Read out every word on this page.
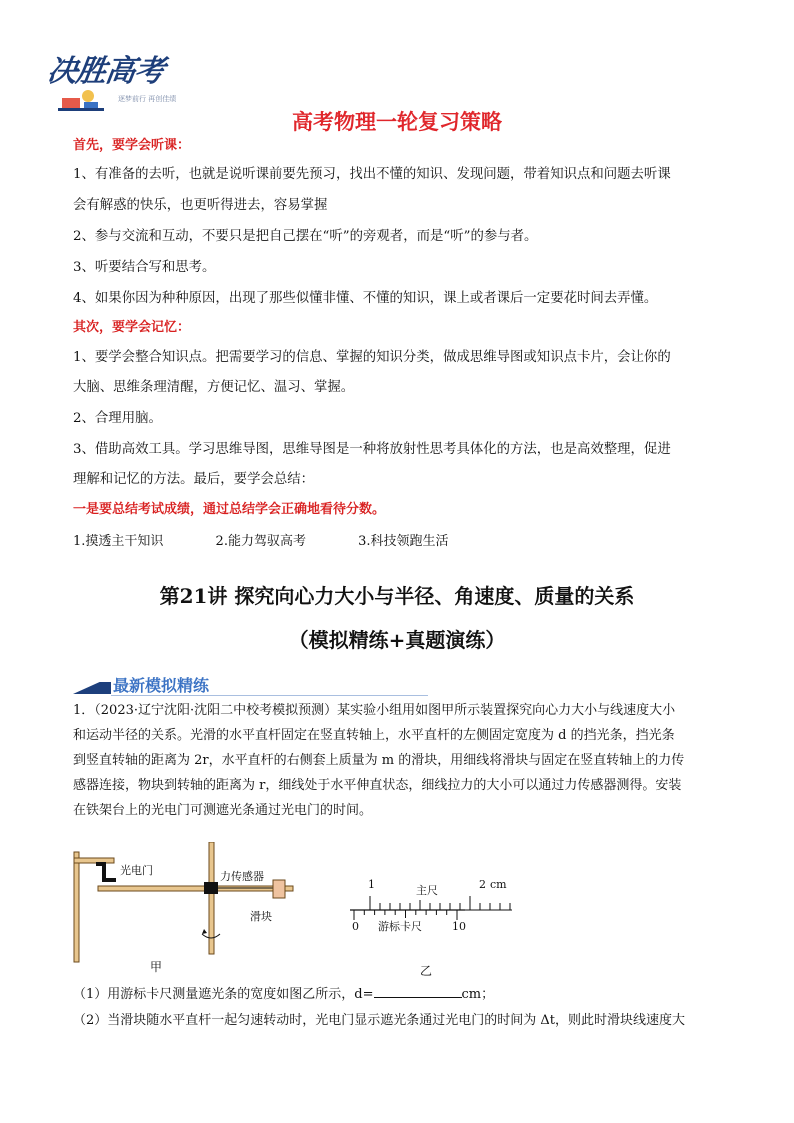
决胜高考
逐梦前行 再创佳绩
高考物理一轮复习策略
首先，要学会听课：
1、有准备的去听，也就是说听课前要先预习，找出不懂的知识、发现问题，带着知识点和问题去听课
会有解惑的快乐，也更听得进去，容易掌握
2、参与交流和互动，不要只是把自己摆在“听”的旁观者，而是“听”的参与者。
3、听要结合写和思考。
4、如果你因为种种原因，出现了那些似懂非懂、不懂的知识，课上或者课后一定要花时间去弄懂。
其次，要学会记忆：
1、要学会整合知识点。把需要学习的信息、掌握的知识分类，做成思维导图或知识点卡片，会让你的
大脑、思维条理清醒，方便记忆、温习、掌握。
2、合理用脑。
3、借助高效工具。学习思维导图，思维导图是一种将放射性思考具体化的方法，也是高效整理，促进
理解和记忆的方法。最后，要学会总结：
一是要总结考试成绩，通过总结学会正确地看待分数。
1.摸透主干知识	2.能力驾驭高考	3.科技领跑生活
第21讲 探究向心力大小与半径、角速度、质量的关系
（模拟精练+真题演练）
最新模拟精练
1．（2023·辽宁沈阳·沈阳二中校考模拟预测）某实验小组用如图甲所示装置探究向心力大小与线速度大小
和运动半径的关系。光滑的水平直杆固定在竖直转轴上，水平直杆的左侧固定宽度为 d 的挡光条，挡光条
到竖直转轴的距离为 2r，水平直杆的右侧套上质量为 m 的滑块，用细线将滑块与固定在竖直转轴上的力传
感器连接，物块到转轴的距离为 r，细线处于水平伸直状态，细线拉力的大小可以通过力传感器测得。安装
在铁架台上的光电门可测遮光条通过光电门的时间。
光电门	力传感器
滑块
甲
1	主尺	2 cm
0 游标卡尺	10
乙
（1）用游标卡尺测量遮光条的宽度如图乙所示，d=	cm；
（2）当滑块随水平直杆一起匀速转动时，光电门显示遮光条通过光电门的时间为 Δt，则此时滑块线速度大
